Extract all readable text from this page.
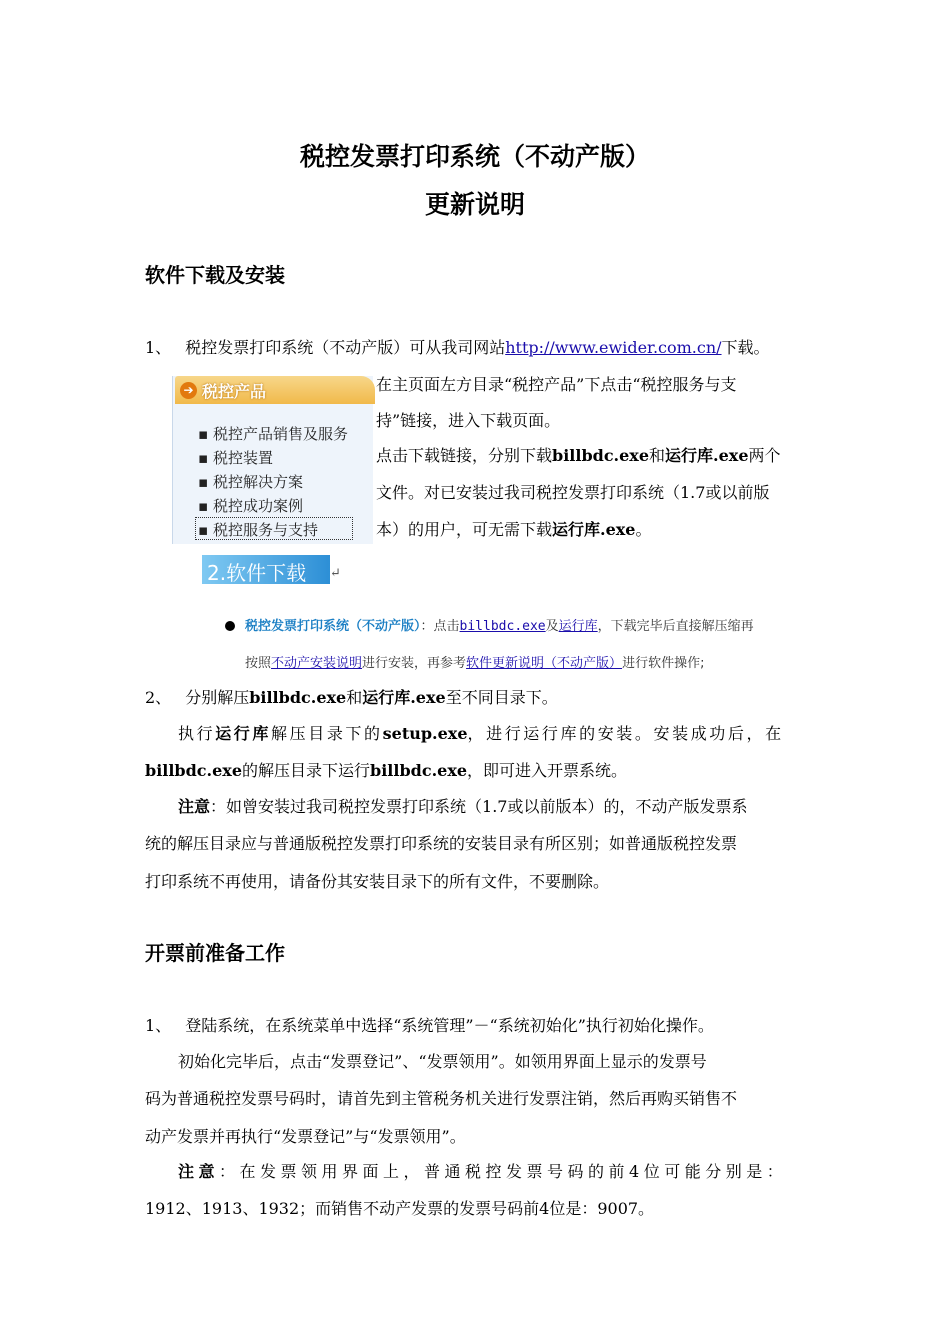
税控发票打印系统（不动产版）
更新说明
软件下载及安装
1、 税控发票打印系统（不动产版）可从我司网站http://www.ewider.com.cn/下载。
➔ 税控产品
▪ 税控产品销售及服务
▪ 税控装置
▪ 税控解决方案
▪ 税控成功案例
▪ 税控服务与支持
2.软件下载 ↵
在主页面左方目录“税控产品”下点击“税控服务与支
持”链接，进入下载页面。
点击下载链接，分别下载billbdc.exe和运行库.exe两个
文件。对已安装过我司税控发票打印系统（1.7或以前版
本）的用户，可无需下载运行库.exe。
税控发票打印系统（不动产版）：点击billbdc.exe及运行库，下载完毕后直接解压缩再
按照不动产安装说明进行安装，再参考软件更新说明（不动产版）进行软件操作;
2、 分别解压billbdc.exe和运行库.exe至不同目录下。
执行运行库解压目录下的setup.exe，进行运行库的安装。安装成功后，在
billbdc.exe的解压目录下运行billbdc.exe，即可进入开票系统。
注意：如曾安装过我司税控发票打印系统（1.7或以前版本）的，不动产版发票系
统的解压目录应与普通版税控发票打印系统的安装目录有所区别；如普通版税控发票
打印系统不再使用，请备份其安装目录下的所有文件，不要删除。
开票前准备工作
1、 登陆系统，在系统菜单中选择“系统管理”－“系统初始化”执行初始化操作。
初始化完毕后，点击“发票登记”、“发票领用”。如领用界面上显示的发票号
码为普通税控发票号码时，请首先到主管税务机关进行发票注销，然后再购买销售不
动产发票并再执行“发票登记”与“发票领用”。
注意：在发票领用界面上，普通税控发票号码的前4位可能分别是：
1912、1913、1932；而销售不动产发票的发票号码前4位是：9007。
